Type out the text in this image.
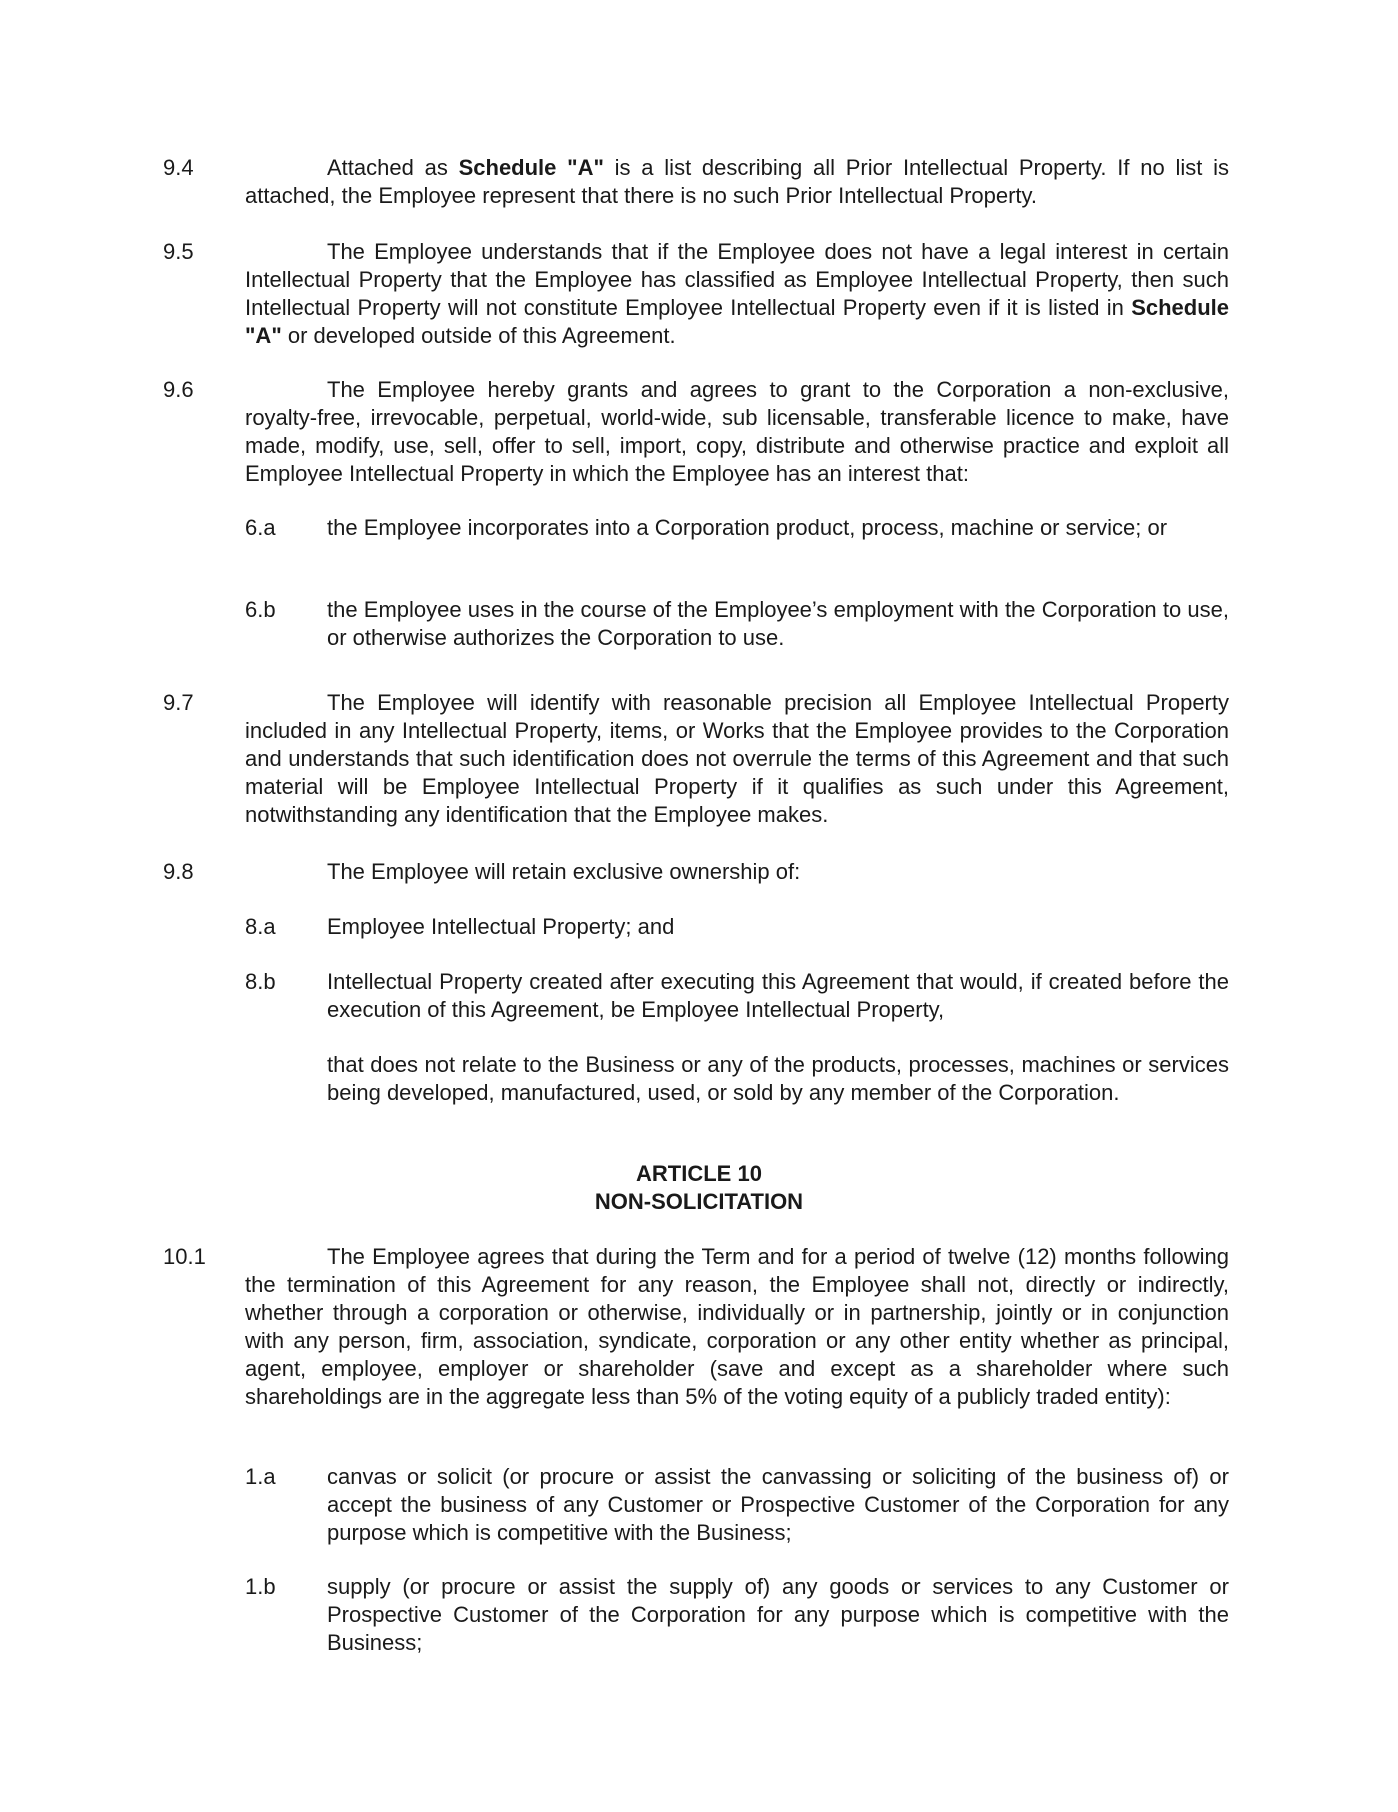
9.4	Attached as Schedule "A" is a list describing all Prior Intellectual Property. If no list is attached, the Employee represent that there is no such Prior Intellectual Property.
9.5	The Employee understands that if the Employee does not have a legal interest in certain Intellectual Property that the Employee has classified as Employee Intellectual Property, then such Intellectual Property will not constitute Employee Intellectual Property even if it is listed in Schedule "A" or developed outside of this Agreement.
9.6	The Employee hereby grants and agrees to grant to the Corporation a non-exclusive, royalty-free, irrevocable, perpetual, world-wide, sub licensable, transferable licence to make, have made, modify, use, sell, offer to sell, import, copy, distribute and otherwise practice and exploit all Employee Intellectual Property in which the Employee has an interest that:
6.a	the Employee incorporates into a Corporation product, process, machine or service; or
6.b	the Employee uses in the course of the Employee’s employment with the Corporation to use, or otherwise authorizes the Corporation to use.
9.7	The Employee will identify with reasonable precision all Employee Intellectual Property included in any Intellectual Property, items, or Works that the Employee provides to the Corporation and understands that such identification does not overrule the terms of this Agreement and that such material will be Employee Intellectual Property if it qualifies as such under this Agreement, notwithstanding any identification that the Employee makes.
9.8	The Employee will retain exclusive ownership of:
8.a	Employee Intellectual Property; and
8.b	Intellectual Property created after executing this Agreement that would, if created before the execution of this Agreement, be Employee Intellectual Property,
that does not relate to the Business or any of the products, processes, machines or services being developed, manufactured, used, or sold by any member of the Corporation.
ARTICLE 10
NON-SOLICITATION
10.1	The Employee agrees that during the Term and for a period of twelve (12) months following the termination of this Agreement for any reason, the Employee shall not, directly or indirectly, whether through a corporation or otherwise, individually or in partnership, jointly or in conjunction with any person, firm, association, syndicate, corporation or any other entity whether as principal, agent, employee, employer or shareholder (save and except as a shareholder where such shareholdings are in the aggregate less than 5% of the voting equity of a publicly traded entity):
1.a	canvas or solicit (or procure or assist the canvassing or soliciting of the business of) or accept the business of any Customer or Prospective Customer of the Corporation for any purpose which is competitive with the Business;
1.b	supply (or procure or assist the supply of) any goods or services to any Customer or Prospective Customer of the Corporation for any purpose which is competitive with the Business;
